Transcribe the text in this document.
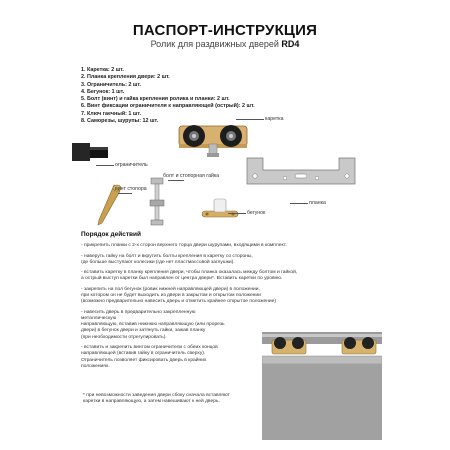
ПАСПОРТ-ИНСТРУКЦИЯ
Ролик для раздвижных дверей RD4
1. Каретка: 2 шт.
2. Планка крепления двери: 2 шт.
3. Ограничитель: 2 шт.
4. Бегунок: 1 шт.
5. Болт (винт) и гайка крепления ролика и планки: 2 шт.
6. Винт фиксации ограничителя к направляющей (острый): 2 шт.
7. Ключ гаечный: 1 шт.
8. Саморезы, шурупы: 12 шт.	каретка
ограничитель
винт стопора
болт и стопорная гайка
бегунок
планка
Порядок действий
- прикрепить планки с 2-х сторон верхнего торца двери шурупами, входящими в комплект.
- наверуть гайку на болт и вкрутить болты крепления в каретку со стороны,
где больше выступают колесики (где нет пластмассовой заглушки).
- вставить каретку в планку крепления двери, чтобы планка оказалась между болтом и гайкой,
а острый выступ каретки был направлен от центра двери*. Вставить каретки по уровню.
- закрепить на пол бегунок (ровик нижней направляющей двери) в положении,
при котором он не будет выходить из двери в закрытом и открытом положении
(возможно предварительно навесить дверь и отметить крайнее открытое положение)
- навесить дверь в предварительно закрепленную металлическую
направляющую, вставив нижнюю направляющую (или прорезь
двери) в бегунок двери и затянуть гайки, зажав планку
(при необходимости отрегулировать).
- вставить и закрепить винтом ограничители с обеих концов
направляющей (вставив гайку в ограничитель сверху).
Ограничитель позволяет фиксировать дверь в крайних положениях.
* при невозможности заведения двери сбоку сначала вставляют
каретки в направляющую, а затем навешивают к ней дверь.
